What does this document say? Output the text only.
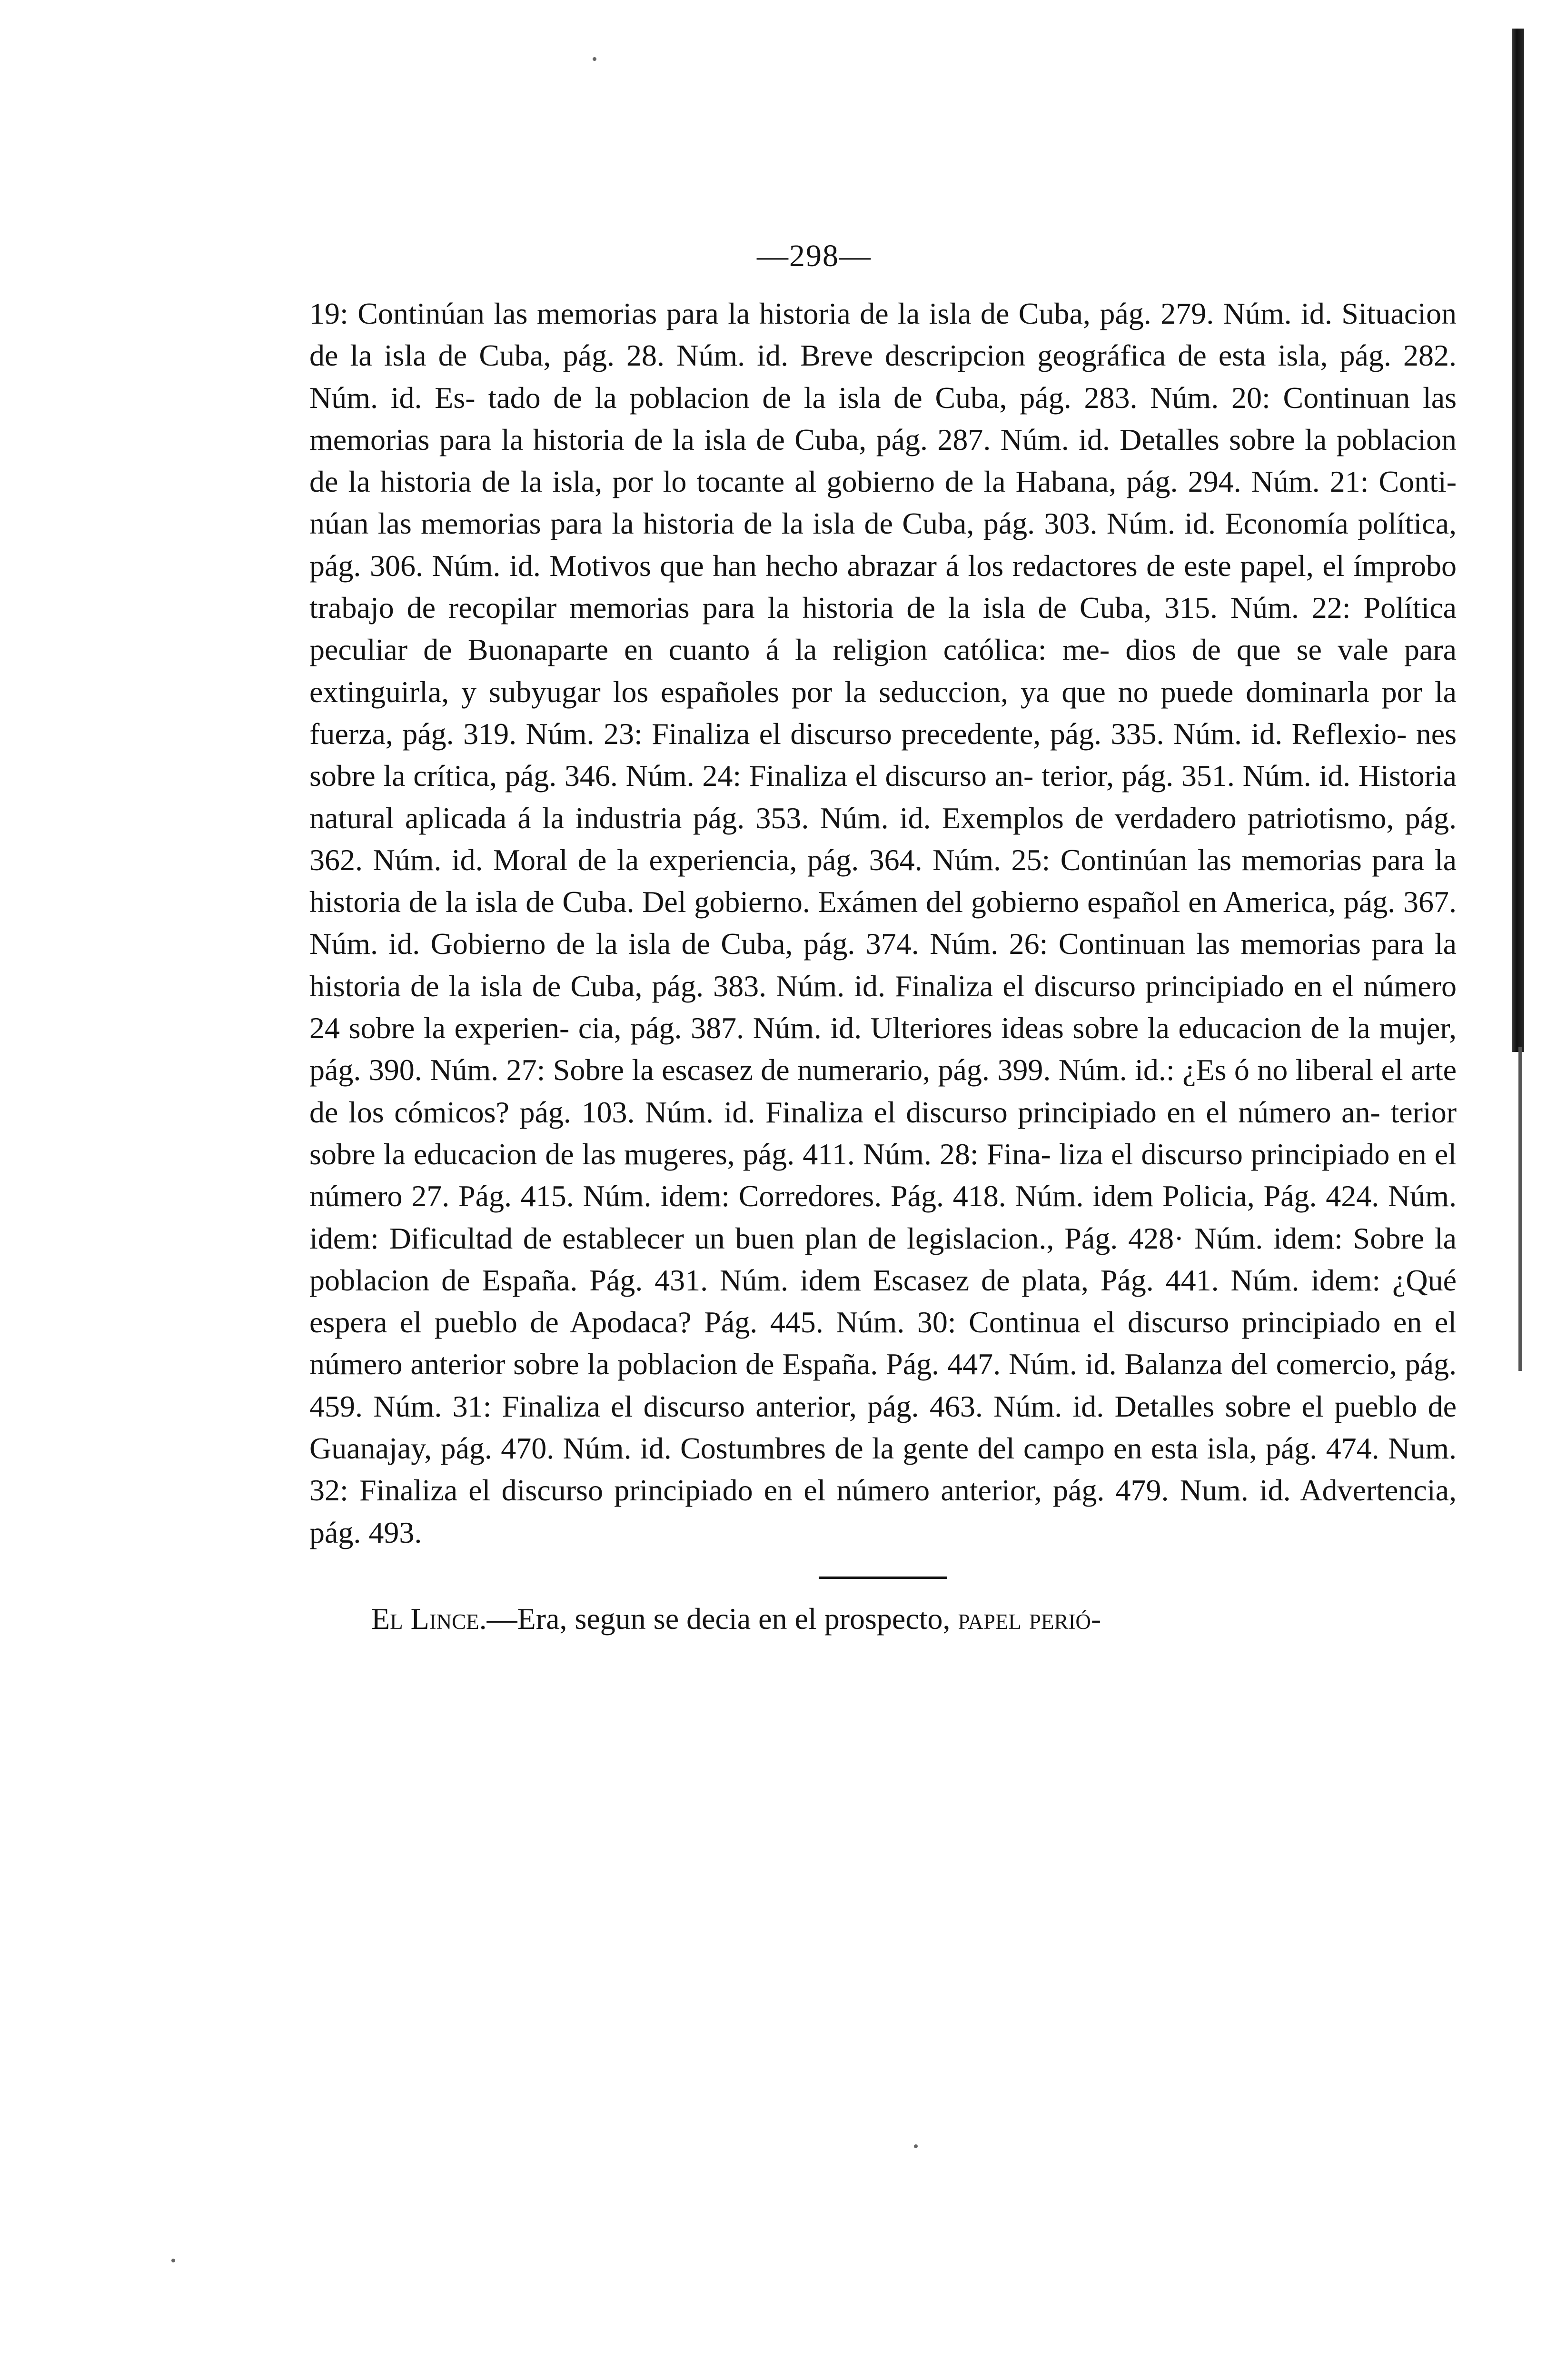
—298—

19: Continúan las memorias para la historia de la isla de Cuba, pág. 279. Núm. id. Situacion de la isla de Cuba, pág. 28. Núm. id. Breve descripcion geográfica de esta isla, pág. 282. Núm. id. Es- tado de la poblacion de la isla de Cuba, pág. 283. Núm. 20: Continuan las memorias para la historia de la isla de Cuba, pág. 287. Núm. id. Detalles sobre la poblacion de la historia de la isla, por lo tocante al gobierno de la Habana, pág. 294. Núm. 21: Conti- núan las memorias para la historia de la isla de Cuba, pág. 303. Núm. id. Economía política, pág. 306. Núm. id. Motivos que han hecho abrazar á los redactores de este papel, el ímprobo trabajo de recopilar memorias para la historia de la isla de Cuba, 315. Núm. 22: Política peculiar de Buonaparte en cuanto á la religion católica: me- dios de que se vale para extinguirla, y subyugar los españoles por la seduccion, ya que no puede dominarla por la fuerza, pág. 319. Núm. 23: Finaliza el discurso precedente, pág. 335. Núm. id. Reflexio- nes sobre la crítica, pág. 346. Núm. 24: Finaliza el discurso an- terior, pág. 351. Núm. id. Historia natural aplicada á la industria pág. 353. Núm. id. Exemplos de verdadero patriotismo, pág. 362. Núm. id. Moral de la experiencia, pág. 364. Núm. 25: Continúan las memorias para la historia de la isla de Cuba. Del gobierno. Exámen del gobierno español en America, pág. 367. Núm. id. Gobierno de la isla de Cuba, pág. 374. Núm. 26: Continuan las memorias para la historia de la isla de Cuba, pág. 383. Núm. id. Finaliza el discurso principiado en el número 24 sobre la experien- cia, pág. 387. Núm. id. Ulteriores ideas sobre la educacion de la mujer, pág. 390. Núm. 27: Sobre la escasez de numerario, pág. 399. Núm. id.: ¿Es ó no liberal el arte de los cómicos? pág. 103. Núm. id. Finaliza el discurso principiado en el número an- terior sobre la educacion de las mugeres, pág. 411. Núm. 28: Fina- liza el discurso principiado en el número 27. Pág. 415. Núm. idem: Corredores. Pág. 418. Núm. idem Policia, Pág. 424. Núm. idem: Dificultad de establecer un buen plan de legislacion., Pág. 428· Núm. idem: Sobre la poblacion de España. Pág. 431. Núm. idem Escasez de plata, Pág. 441. Núm. idem: ¿Qué espera el pueblo de Apodaca? Pág. 445. Núm. 30: Continua el discurso principiado en el número anterior sobre la poblacion de España. Pág. 447. Núm. id. Balanza del comercio, pág. 459. Núm. 31: Finaliza el discurso anterior, pág. 463. Núm. id. Detalles sobre el pueblo de Guanajay, pág. 470. Núm. id. Costumbres de la gente del campo en esta isla, pág. 474. Num. 32: Finaliza el discurso principiado en el número anterior, pág. 479. Num. id. Advertencia, pág. 493.

El Lince.—Era, segun se decia en el prospecto, papel perió-
